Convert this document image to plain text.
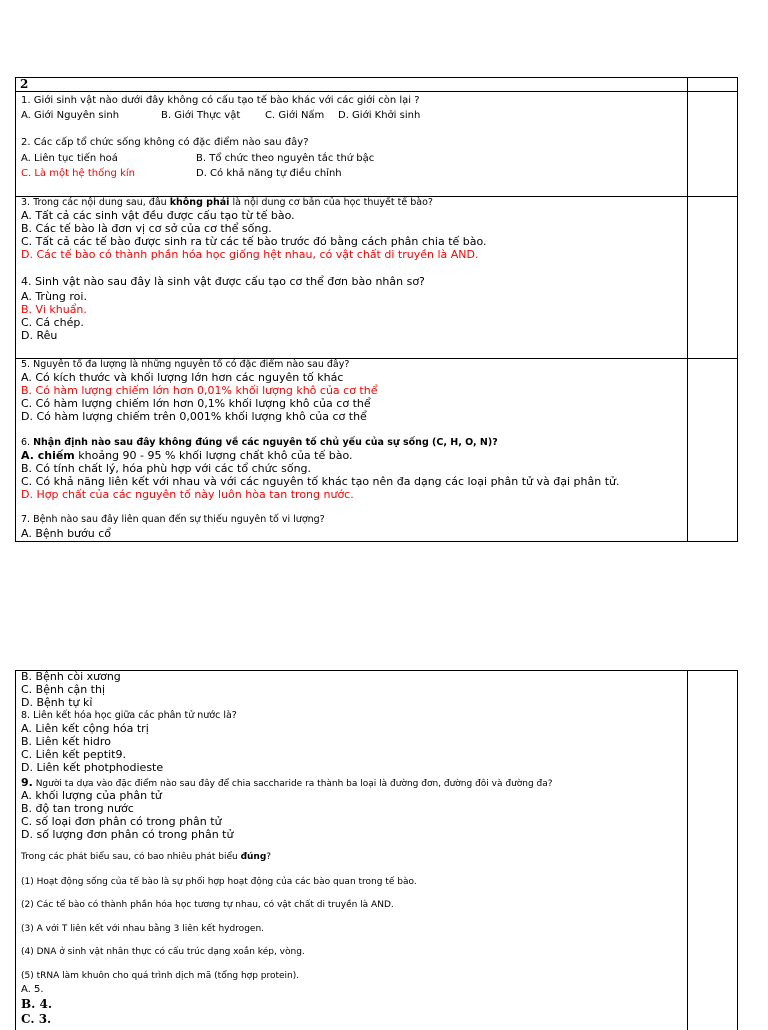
2
1. Giới sinh vật nào dưới đây không có cấu tạo tế bào khác với các giới còn lại ?
A. Giới Nguyên sinh	B. Giới Thực vật C. Giới Nấm D. Giới Khởi sinh
2. Các cấp tổ chức sống không có đặc điểm nào sau đây?
A. Liên tục tiến hoá	B. Tổ chức theo nguyên tắc thứ bậc
C. Là một hệ thống kín	D. Có khả năng tự điều chỉnh
3. Trong các nội dung sau, đâu không phải là nội dung cơ bản của học thuyết tế bào?
A. Tất cả các sinh vật đều được cấu tạo từ tế bào.
B. Các tế bào là đơn vị cơ sở của cơ thể sống.
C. Tất cả các tế bào được sinh ra từ các tế bào trước đó bằng cách phân chia tế bào.
D. Các tế bào có thành phần hóa học giống hệt nhau, có vật chất di truyền là AND.
4. Sinh vật nào sau đây là sinh vật được cấu tạo cơ thể đơn bào nhân sơ?
A. Trùng roi.
B. Vi khuẩn.
C. Cá chép.
D. Rêu
5. Nguyên tố đa lượng là những nguyên tố có đặc điểm nào sau đây?
A. Có kích thước và khối lượng lớn hơn các nguyên tố khác
B. Có hàm lượng chiếm lớn hơn 0,01% khối lượng khô của cơ thể
C. Có hàm lượng chiếm lớn hơn 0,1% khối lượng khô của cơ thể
D. Có hàm lượng chiếm trên 0,001% khối lượng khô của cơ thể
6. Nhận định nào sau đây không đúng về các nguyên tố chủ yếu của sự sống (C, H, O, N)?
A. chiếm khoảng 90 - 95 % khối lượng chất khô của tế bào.
B. Có tính chất lý, hóa phù hợp với các tổ chức sống.
C. Có khả năng liên kết với nhau và với các nguyên tố khác tạo nên đa dạng các loại phân tử và đại phân tử.
D. Hợp chất của các nguyên tố này luôn hòa tan trong nước.
7. Bệnh nào sau đây liên quan đến sự thiếu nguyên tố vi lượng?
A. Bệnh bướu cổ
B. Bệnh còi xương
C. Bệnh cận thị
D. Bệnh tự kỉ
8. Liên kết hóa học giữa các phân tử nước là?
A. Liên kết cộng hóa trị
B. Liên kết hidro
C. Liên kết peptit9.
D. Liên kết photphodieste
9. Người ta dựa vào đặc điểm nào sau đây để chia saccharide ra thành ba loại là đường đơn, đường đôi và đường đa?
A. khối lượng của phân tử
B. độ tan trong nước
C. số loại đơn phân có trong phân tử
D. số lượng đơn phân có trong phân tử
Trong các phát biểu sau, có bao nhiêu phát biểu đúng?
(1) Hoạt động sống của tế bào là sự phối hợp hoạt động của các bào quan trong tế bào.
(2) Các tế bào có thành phần hóa học tương tự nhau, có vật chất di truyền là AND.
(3) A với T liên kết với nhau bằng 3 liên kết hydrogen.
(4) DNA ở sinh vật nhân thực có cấu trúc dạng xoắn kép, vòng.
(5) tRNA làm khuôn cho quá trình dịch mã (tổng hợp protein).
A. 5.
B. 4.
C. 3.
